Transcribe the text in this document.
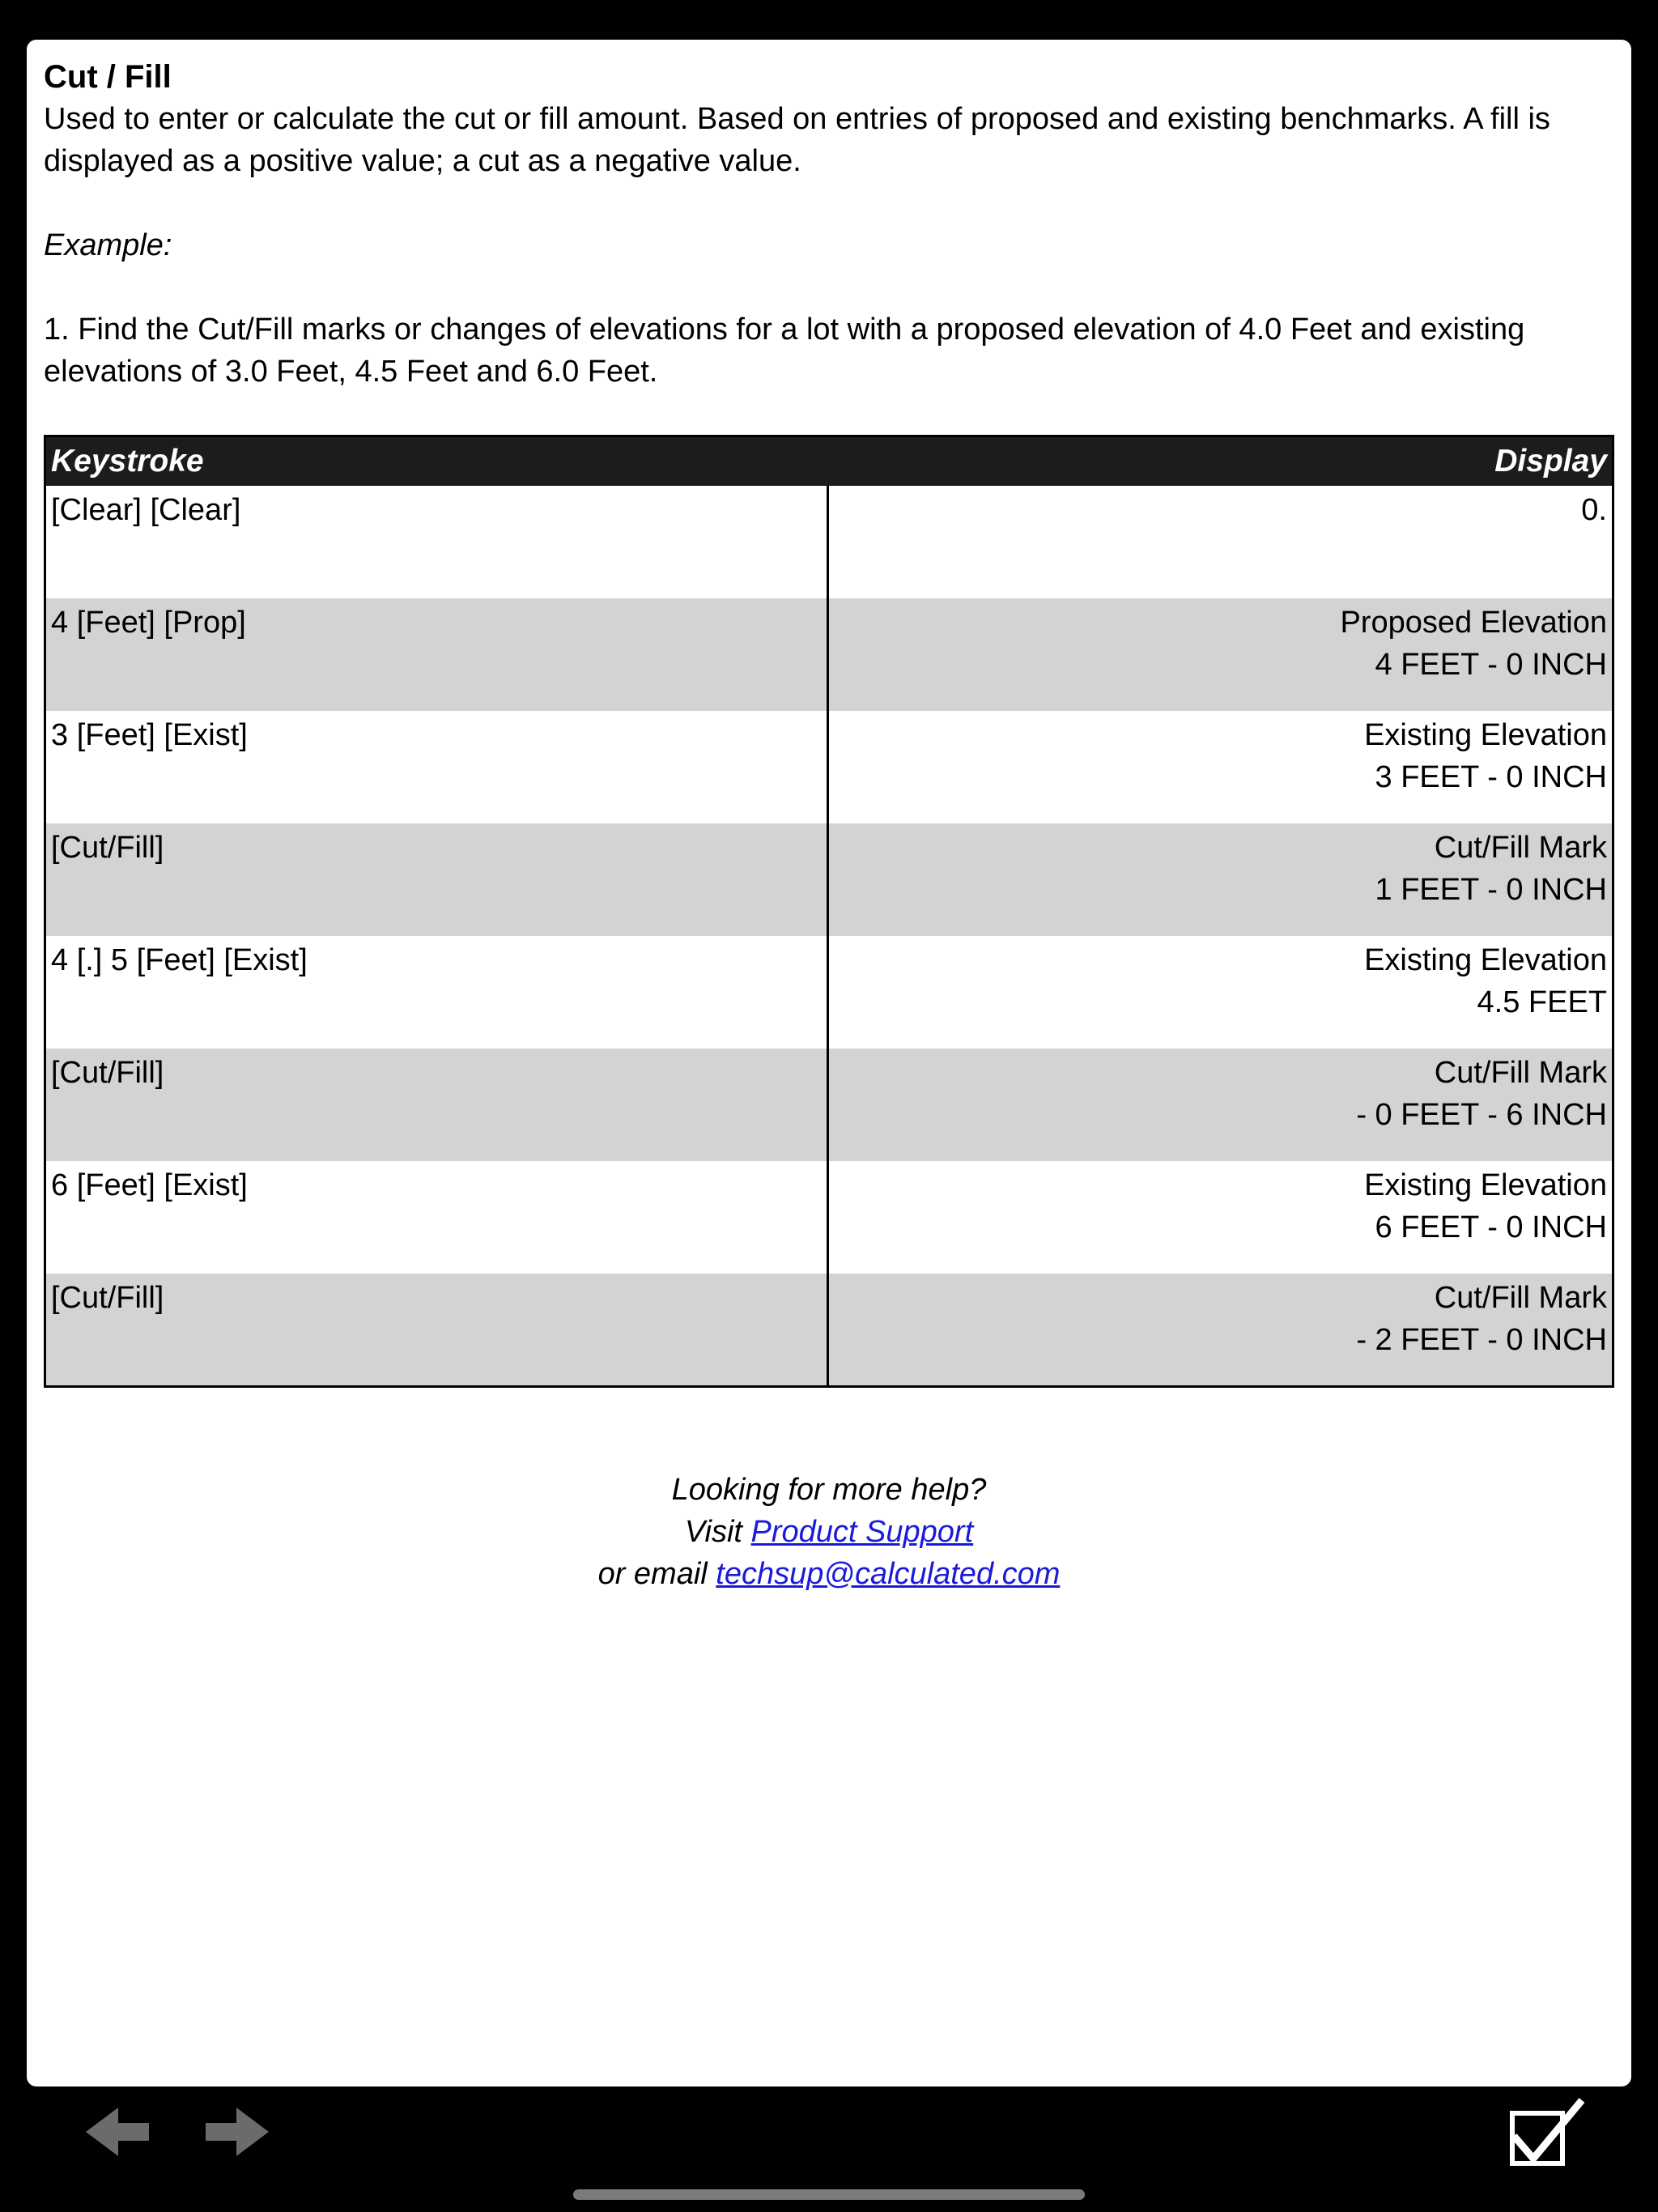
Cut / Fill

Used to enter or calculate the cut or fill amount. Based on entries of proposed and existing benchmarks. A fill is displayed as a positive value; a cut as a negative value.

Example:

1. Find the Cut/Fill marks or changes of elevations for a lot with a proposed elevation of 4.0 Feet and existing elevations of 3.0 Feet, 4.5 Feet and 6.0 Feet.

Keystroke	Display
[Clear] [Clear]	0.

4 [Feet] [Prop]	Proposed Elevation
4 FEET - 0 INCH

3 [Feet] [Exist]	Existing Elevation
3 FEET - 0 INCH

[Cut/Fill]	Cut/Fill Mark
1 FEET - 0 INCH

4 [.] 5 [Feet] [Exist]	Existing Elevation
4.5 FEET

[Cut/Fill]	Cut/Fill Mark
- 0 FEET - 6 INCH

6 [Feet] [Exist]	Existing Elevation
6 FEET - 0 INCH

[Cut/Fill]	Cut/Fill Mark
- 2 FEET - 0 INCH
Looking for more help?
Visit Product Support
or email techsup@calculated.com
